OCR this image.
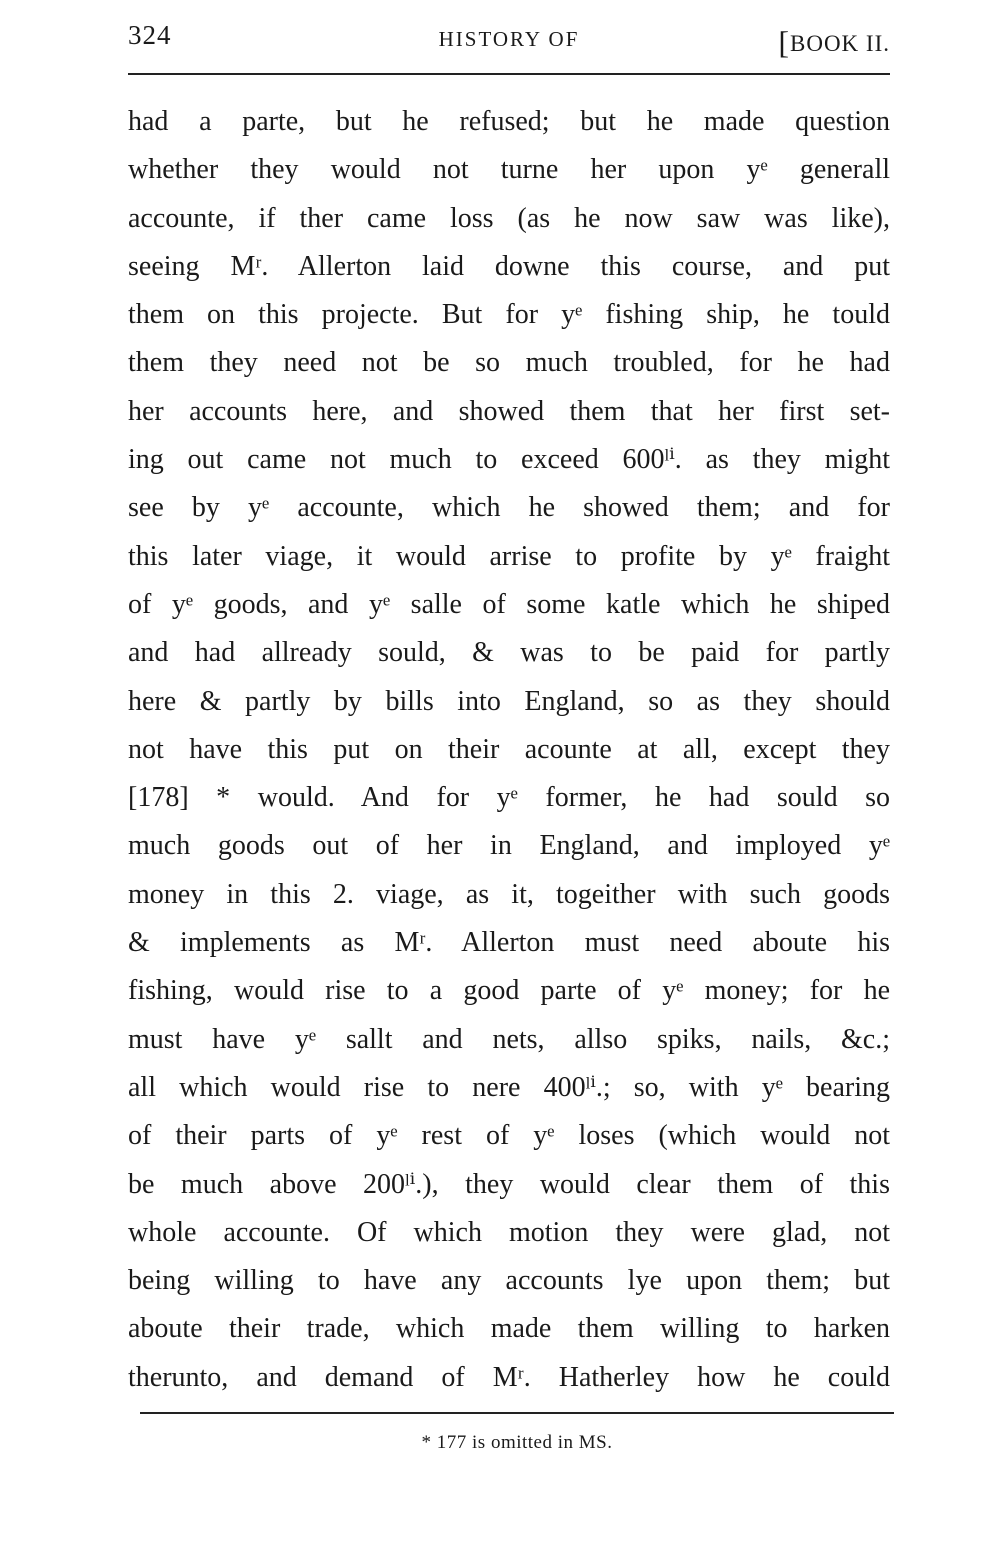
324	HISTORY OF	[BOOK II.
had a parte, but he refused; but he made question
whether they would not turne her upon yᵉ generall
accounte, if ther came loss (as he now saw was like),
seeing Mʳ. Allerton laid downe this course, and put
them on this projecte. But for yᵉ fishing ship, he tould
them they need not be so much troubled, for he had
her accounts here, and showed them that her first set-
ing out came not much to exceed 600ˡⁱ. as they might
see by yᵉ accounte, which he showed them; and for
this later viage, it would arrise to profite by yᵉ fraight
of yᵉ goods, and yᵉ salle of some katle which he shiped
and had allready sould, & was to be paid for partly
here & partly by bills into England, so as they should
not have this put on their acounte at all, except they
[178] * would. And for yᵉ former, he had sould so
much goods out of her in England, and imployed yᵉ
money in this 2. viage, as it, togeither with such goods
& implements as Mʳ. Allerton must need aboute his
fishing, would rise to a good parte of yᵉ money; for he
must have yᵉ sallt and nets, allso spiks, nails, &c.;
all which would rise to nere 400ˡⁱ.; so, with yᵉ bearing
of their parts of yᵉ rest of yᵉ loses (which would not
be much above 200ˡⁱ.), they would clear them of this
whole accounte. Of which motion they were glad, not
being willing to have any accounts lye upon them; but
aboute their trade, which made them willing to harken
therunto, and demand of Mʳ. Hatherley how he could
* 177 is omitted in MS.
